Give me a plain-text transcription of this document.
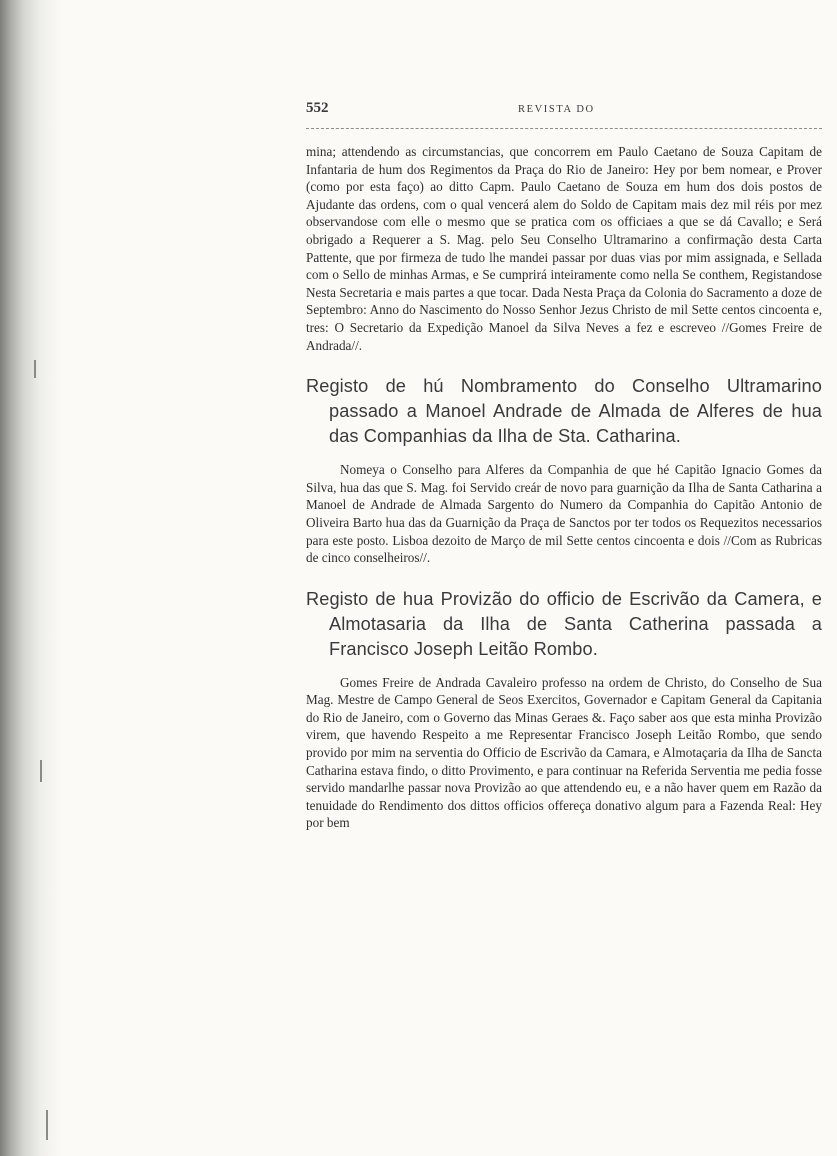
552	REVISTA DO

mina; attendendo as circumstancias, que concorrem em Paulo Caetano de Souza Capitam de Infantaria de hum dos Regimentos da Praça do Rio de Janeiro: Hey por bem nomear, e Prover (como por esta faço) ao ditto Capm. Paulo Caetano de Souza em hum dos dois postos de Ajudante das ordens, com o qual vencerá alem do Soldo de Capitam mais dez mil réis por mez observandose com elle o mesmo que se pratica com os officiaes a que se dá Cavallo; e Será obrigado a Requerer a S. Mag. pelo Seu Conselho Ultramarino a confirmação desta Carta Pattente, que por firmeza de tudo lhe mandei passar por duas vias por mim assignada, e Sellada com o Sello de minhas Armas, e Se cumprirá inteiramente como nella Se conthem, Registandose Nesta Secretaria e mais partes a que tocar. Dada Nesta Praça da Colonia do Sacramento a doze de Septembro: Anno do Nascimento do Nosso Senhor Jezus Christo de mil Sette centos cincoenta e, tres: O Secretario da Expedição Manoel da Silva Neves a fez e escreveo //Gomes Freire de Andrada//.

Registo de hú Nombramento do Conselho Ultramarino passado a Manoel Andrade de Almada de Alferes de hua das Companhias da Ilha de Sta. Catharina.

Nomeya o Conselho para Alferes da Companhia de que hé Capitão Ignacio Gomes da Silva, hua das que S. Mag. foi Servido creár de novo para guarnição da Ilha de Santa Catharina a Manoel de Andrade de Almada Sargento do Numero da Companhia do Capitão Antonio de Oliveira Barto hua das da Guarnição da Praça de Sanctos por ter todos os Requezitos necessarios para este posto. Lisboa dezoito de Março de mil Sette centos cincoenta e dois //Com as Rubricas de cinco conselheiros//.

Registo de hua Provizão do officio de Escrivão da Camera, e Almotasaria da Ilha de Santa Catherina passada a Francisco Joseph Leitão Rombo.

Gomes Freire de Andrada Cavaleiro professo na ordem de Christo, do Conselho de Sua Mag. Mestre de Campo General de Seos Exercitos, Governador e Capitam General da Capitania do Rio de Janeiro, com o Governo das Minas Geraes &. Faço saber aos que esta minha Provizão virem, que havendo Respeito a me Representar Francisco Joseph Leitão Rombo, que sendo provido por mim na serventia do Officio de Escrivão da Camara, e Almotaçaria da Ilha de Sancta Catharina estava findo, o ditto Provimento, e para continuar na Referida Serventia me pedia fosse servido mandarlhe passar nova Provizão ao que attendendo eu, e a não haver quem em Razão da tenuidade do Rendimento dos dittos officios offereça donativo algum para a Fazenda Real: Hey por bem
